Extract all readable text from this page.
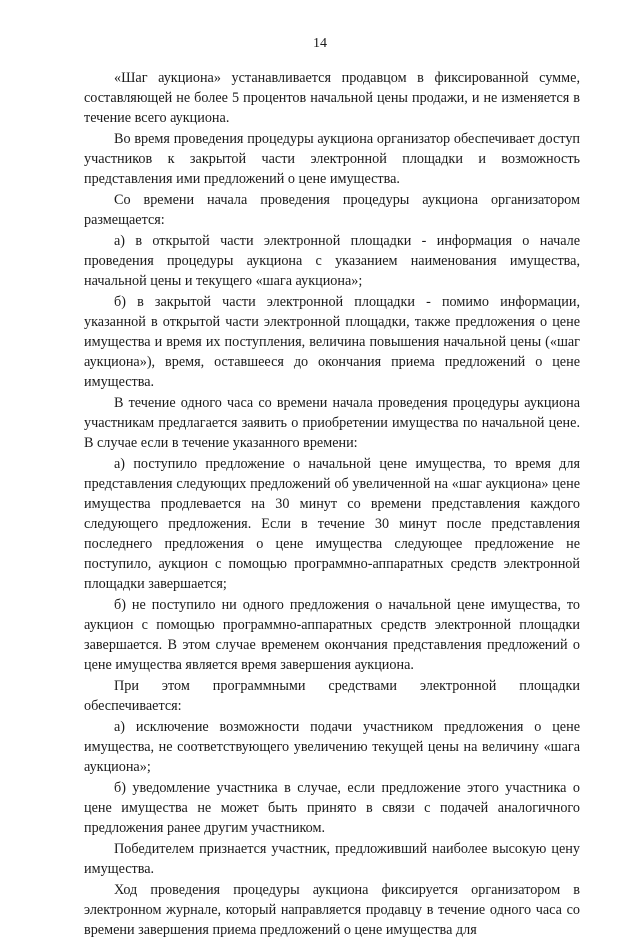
14

«Шаг аукциона» устанавливается продавцом в фиксированной сумме, составляющей не более 5 процентов начальной цены продажи, и не изменяется в течение всего аукциона.

Во время проведения процедуры аукциона организатор обеспечивает доступ участников к закрытой части электронной площадки и возможность представления ими предложений о цене имущества.

Со времени начала проведения процедуры аукциона организатором размещается:

а) в открытой части электронной площадки - информация о начале проведения процедуры аукциона с указанием наименования имущества, начальной цены и текущего «шага аукциона»;

б) в закрытой части электронной площадки - помимо информации, указанной в открытой части электронной площадки, также предложения о цене имущества и время их поступления, величина повышения начальной цены («шаг аукциона»), время, оставшееся до окончания приема предложений о цене имущества.

В течение одного часа со времени начала проведения процедуры аукциона участникам предлагается заявить о приобретении имущества по начальной цене. В случае если в течение указанного времени:

а) поступило предложение о начальной цене имущества, то время для представления следующих предложений об увеличенной на «шаг аукциона» цене имущества продлевается на 30 минут со времени представления каждого следующего предложения. Если в течение 30 минут после представления последнего предложения о цене имущества следующее предложение не поступило, аукцион с помощью программно-аппаратных средств электронной площадки завершается;

б) не поступило ни одного предложения о начальной цене имущества, то аукцион с помощью программно-аппаратных средств электронной площадки завершается. В этом случае временем окончания представления предложений о цене имущества является время завершения аукциона.

При этом программными средствами электронной площадки обеспечивается:

а) исключение возможности подачи участником предложения о цене имущества, не соответствующего увеличению текущей цены на величину «шага аукциона»;

б) уведомление участника в случае, если предложение этого участника о цене имущества не может быть принято в связи с подачей аналогичного предложения ранее другим участником.

Победителем признается участник, предложивший наиболее высокую цену имущества.

Ход проведения процедуры аукциона фиксируется организатором в электронном журнале, который направляется продавцу в течение одного часа со времени завершения приема предложений о цене имущества для
